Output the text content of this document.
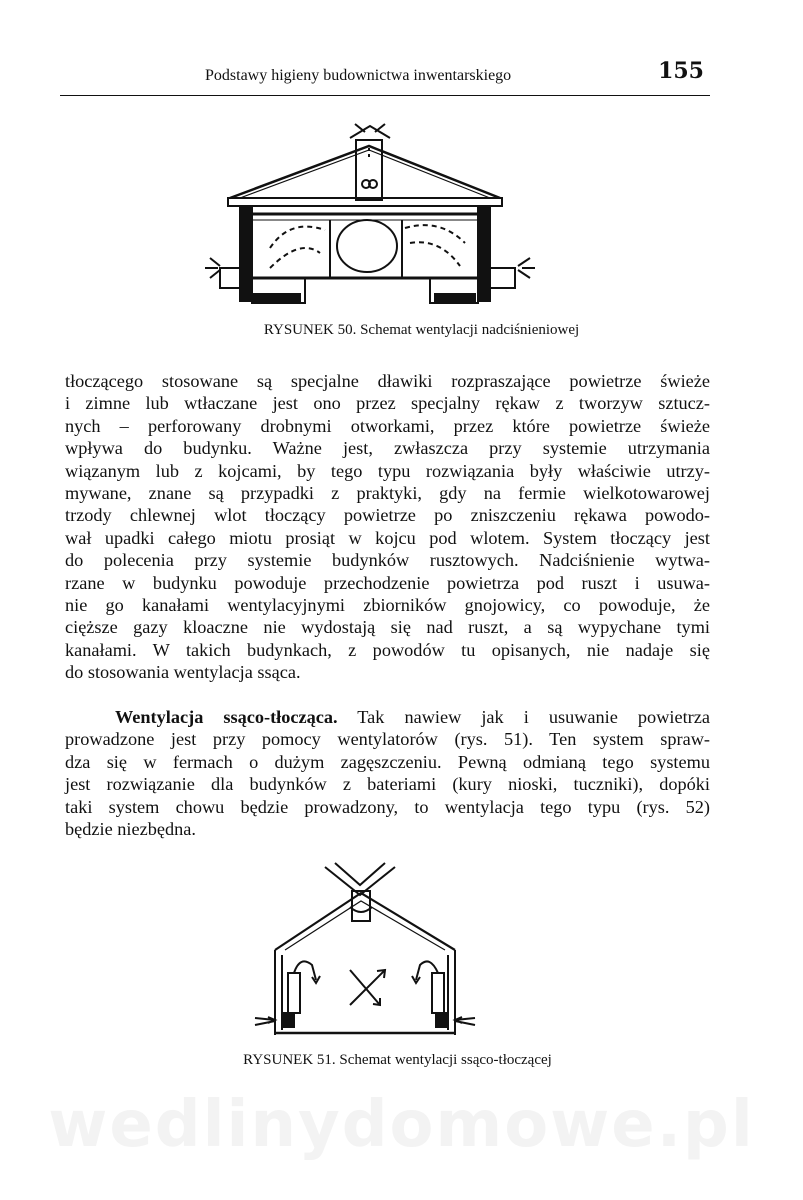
Podstawy higieny budownictwa inwentarskiego	155
RYSUNEK 50. Schemat wentylacji nadciśnieniowej
tłoczącego stosowane są specjalne dławiki rozpraszające powietrze świeże
i zimne lub wtłaczane jest ono przez specjalny rękaw z tworzyw sztucz-
nych – perforowany drobnymi otworkami, przez które powietrze świeże
wpływa do budynku. Ważne jest, zwłaszcza przy systemie utrzymania
wiązanym lub z kojcami, by tego typu rozwiązania były właściwie utrzy-
mywane, znane są przypadki z praktyki, gdy na fermie wielkotowarowej
trzody chlewnej wlot tłoczący powietrze po zniszczeniu rękawa powodo-
wał upadki całego miotu prosiąt w kojcu pod wlotem. System tłoczący jest
do polecenia przy systemie budynków rusztowych. Nadciśnienie wytwa-
rzane w budynku powoduje przechodzenie powietrza pod ruszt i usuwa-
nie go kanałami wentylacyjnymi zbiorników gnojowicy, co powoduje, że
cięższe gazy kloaczne nie wydostają się nad ruszt, a są wypychane tymi
kanałami. W takich budynkach, z powodów tu opisanych, nie nadaje się
do stosowania wentylacja ssąca.
Wentylacja ssąco-tłocząca. Tak nawiew jak i usuwanie powietrza
prowadzone jest przy pomocy wentylatorów (rys. 51). Ten system spraw-
dza się w fermach o dużym zagęszczeniu. Pewną odmianą tego systemu
jest rozwiązanie dla budynków z bateriami (kury nioski, tuczniki), dopóki
taki system chowu będzie prowadzony, to wentylacja tego typu (rys. 52)
będzie niezbędna.
RYSUNEK 51. Schemat wentylacji ssąco-tłoczącej
wedlinydomowe.pl
